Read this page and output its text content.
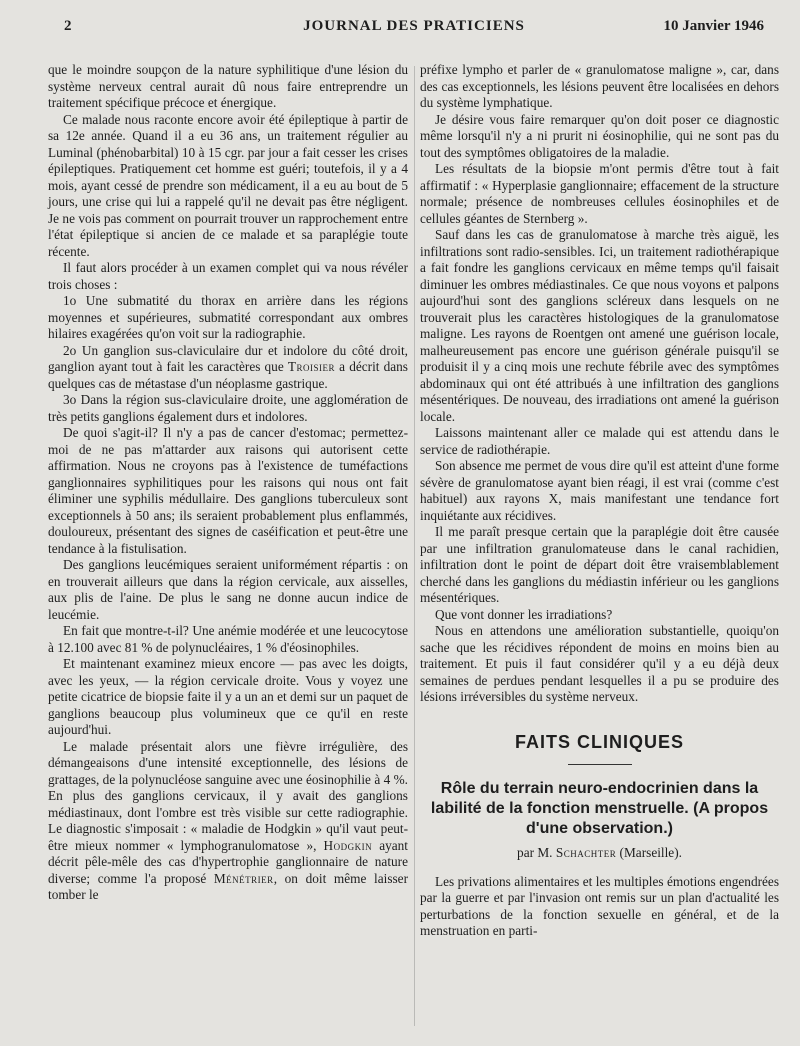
2	JOURNAL DES PRATICIENS	10 Janvier 1946

que le moindre soupçon de la nature syphilitique d'une lésion du système nerveux central aurait dû nous faire entreprendre un traitement spécifique précoce et énergique.

Ce malade nous raconte encore avoir été épileptique à partir de sa 12e année. Quand il a eu 36 ans, un traitement régulier au Luminal (phénobarbital) 10 à 15 cgr. par jour a fait cesser les crises épileptiques. Pratiquement cet homme est guéri; toutefois, il y a 4 mois, ayant cessé de prendre son médicament, il a eu au bout de 5 jours, une crise qui lui a rappelé qu'il ne devait pas être négligent. Je ne vois pas comment on pourrait trouver un rapprochement entre l'état épileptique si ancien de ce malade et sa paraplégie toute récente.

Il faut alors procéder à un examen complet qui va nous révéler trois choses :

1o Une submatité du thorax en arrière dans les régions moyennes et supérieures, submatité correspondant aux ombres hilaires exagérées qu'on voit sur la radiographie.

2o Un ganglion sus-claviculaire dur et indolore du côté droit, ganglion ayant tout à fait les caractères que Troisier a décrit dans quelques cas de métastase d'un néoplasme gastrique.

3o Dans la région sus-claviculaire droite, une agglomération de très petits ganglions également durs et indolores.

De quoi s'agit-il? Il n'y a pas de cancer d'estomac; permettez-moi de ne pas m'attarder aux raisons qui autorisent cette affirmation. Nous ne croyons pas à l'existence de tuméfactions ganglionnaires syphilitiques pour les raisons qui nous ont fait éliminer une syphilis médullaire. Des ganglions tuberculeux sont exceptionnels à 50 ans; ils seraient probablement plus enflammés, douloureux, présentant des signes de caséification et peut-être une tendance à la fistulisation.

Des ganglions leucémiques seraient uniformément répartis : on en trouverait ailleurs que dans la région cervicale, aux aisselles, aux plis de l'aine. De plus le sang ne donne aucun indice de leucémie.

En fait que montre-t-il? Une anémie modérée et une leucocytose à 12.100 avec 81 % de polynucléaires, 1 % d'éosinophiles.

Et maintenant examinez mieux encore — pas avec les doigts, avec les yeux, — la région cervicale droite. Vous y voyez une petite cicatrice de biopsie faite il y a un an et demi sur un paquet de ganglions beaucoup plus volumineux que ce qu'il en reste aujourd'hui.

Le malade présentait alors une fièvre irrégulière, des démangeaisons d'une intensité exceptionnelle, des lésions de grattages, de la polynucléose sanguine avec une éosinophilie à 4 %. En plus des ganglions cervicaux, il y avait des ganglions médiastinaux, dont l'ombre est très visible sur cette radiographie. Le diagnostic s'imposait : « maladie de Hodgkin » qu'il vaut peut-être mieux nommer « lymphogranulomatose », Hodgkin ayant décrit pêle-mêle des cas d'hypertrophie ganglionnaire de nature diverse; comme l'a proposé Ménétrier, on doit même laisser tomber le

préfixe lympho et parler de « granulomatose maligne », car, dans des cas exceptionnels, les lésions peuvent être localisées en dehors du système lymphatique.

Je désire vous faire remarquer qu'on doit poser ce diagnostic même lorsqu'il n'y a ni prurit ni éosinophilie, qui ne sont pas du tout des symptômes obligatoires de la maladie.

Les résultats de la biopsie m'ont permis d'être tout à fait affirmatif : « Hyperplasie ganglionnaire; effacement de la structure normale; présence de nombreuses cellules éosinophiles et de cellules géantes de Sternberg ».

Sauf dans les cas de granulomatose à marche très aiguë, les infiltrations sont radio-sensibles. Ici, un traitement radiothérapique a fait fondre les ganglions cervicaux en même temps qu'il faisait diminuer les ombres médiastinales. Ce que nous voyons et palpons aujourd'hui sont des ganglions scléreux dans lesquels on ne trouverait plus les caractères histologiques de la granulomatose maligne. Les rayons de Roentgen ont amené une guérison locale, malheureusement pas encore une guérison générale puisqu'il se produisit il y a cinq mois une rechute fébrile avec des symptômes abdominaux qui ont été attribués à une infiltration des ganglions mésentériques. De nouveau, des irradiations ont amené la guérison locale.

Laissons maintenant aller ce malade qui est attendu dans le service de radiothérapie.

Son absence me permet de vous dire qu'il est atteint d'une forme sévère de granulomatose ayant bien réagi, il est vrai (comme c'est habituel) aux rayons X, mais manifestant une tendance fort inquiétante aux récidives.

Il me paraît presque certain que la paraplégie doit être causée par une infiltration granulomateuse dans le canal rachidien, infiltration dont le point de départ doit être vraisemblablement cherché dans les ganglions du médiastin inférieur ou les ganglions mésentériques.

Que vont donner les irradiations?

Nous en attendons une amélioration substantielle, quoiqu'on sache que les récidives répondent de moins en moins bien au traitement. Et puis il faut considérer qu'il y a eu déjà deux semaines de perdues pendant lesquelles il a pu se produire des lésions irréversibles du système nerveux.

FAITS CLINIQUES
Rôle du terrain neuro-endocrinien dans la labilité de la fonction menstruelle. (A propos d'une observation.)
par M. Schachter (Marseille).

Les privations alimentaires et les multiples émotions engendrées par la guerre et par l'invasion ont remis sur un plan d'actualité les perturbations de la fonction sexuelle en général, et de la menstruation en parti-
